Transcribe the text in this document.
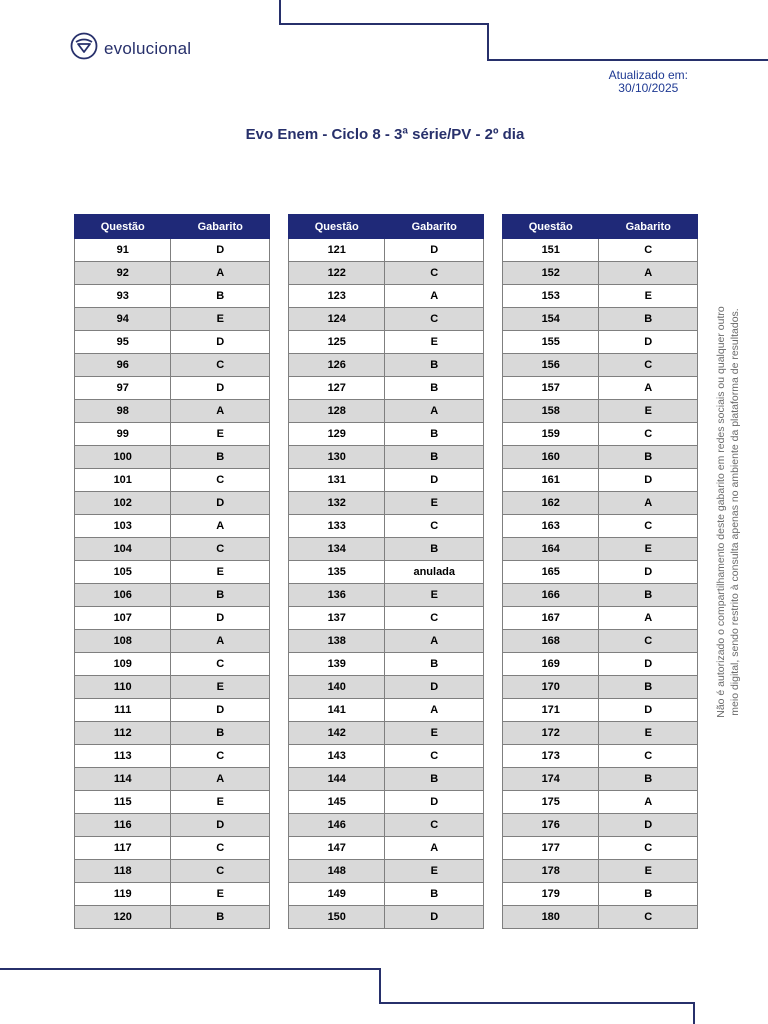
evolucional
Atualizado em:
30/10/2025
Evo Enem - Ciclo 8 - 3ª série/PV - 2º dia
Questão	Gabarito
91	D
92	A
93	B
94	E
95	D
96	C
97	D
98	A
99	E
100	B
101	C
102	D
103	A
104	C
105	E
106	B
107	D
108	A
109	C
110	E
111	D
112	B
113	C
114	A
115	E
116	D
117	C
118	C
119	E
120	B
Questão	Gabarito
121	D
122	C
123	A
124	C
125	E
126	B
127	B
128	A
129	B
130	B
131	D
132	E
133	C
134	B
135	anulada
136	E
137	C
138	A
139	B
140	D
141	A
142	E
143	C
144	B
145	D
146	C
147	A
148	E
149	B
150	D
Questão	Gabarito
151	C
152	A
153	E
154	B
155	D
156	C
157	A
158	E
159	C
160	B
161	D
162	A
163	C
164	E
165	D
166	B
167	A
168	C
169	D
170	B
171	D
172	E
173	C
174	B
175	A
176	D
177	C
178	E
179	B
180	C
Não é autorizado o compartilhamento deste gabarito em redes sociais ou qualquer outro meio digital, sendo restrito à consulta apenas no ambiente da plataforma de resultados.
